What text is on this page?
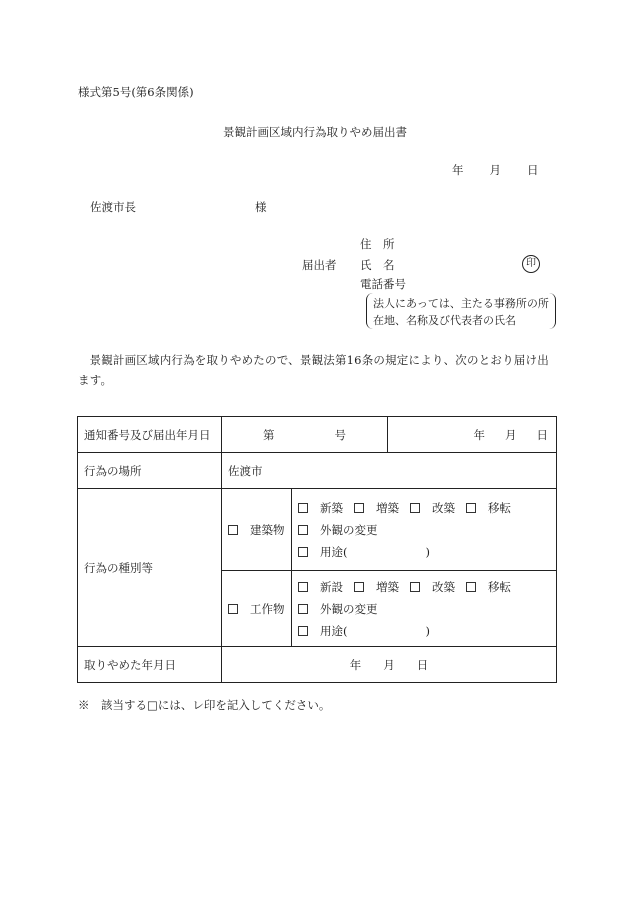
様式第5号(第6条関係)
景観計画区域内行為取りやめ届出書
年 月 日
佐渡市長	様
届出者
住　所
氏　名	印
電話番号
法人にあっては、主たる事務所の所在地、名称及び代表者の氏名
景観計画区域内行為を取りやめたので、景観法第16条の規定により、次のとおり届け出ます。
通知番号及び届出年月日	第 号		年 月 日
行為の場所	佐渡市		
行為の種別等	建築物	新築 増築 改築 移転
外観の変更
用途( )	

	工作物	新設 増築 改築 移転
外観の変更
用途( )	

取りやめた年月日	年 月 日		
※　該当する□には、レ印を記入してください。
